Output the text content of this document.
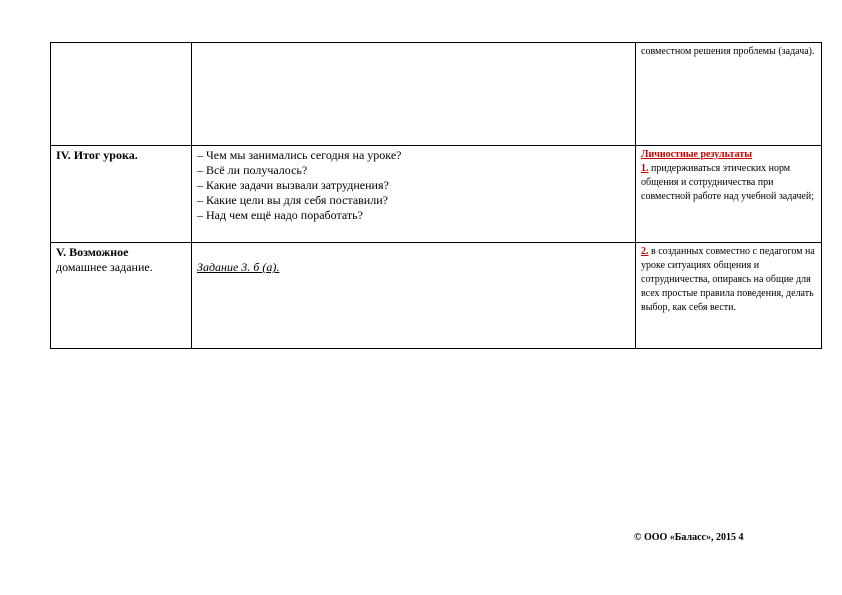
		совместном решения проблемы (задача).
IV. Итог урока.	– Чем мы занимались сегодня на уроке?
– Всё ли получалось?
– Какие задачи вызвали затруднения?
– Какие цели вы для себя поставили?
– Над чем ещё надо поработать?	Личностные результаты
1. придерживаться этических норм общения и сотрудничества при совместной работе над учебной задачей;

V. Возможное
домашнее задание.	Задание 3. б (а).	2. в созданных совместно с педагогом на уроке ситуациях общения и сотрудничества, опираясь на общие для всех простые правила поведения, делать выбор, как себя вести.
© ООО «Баласс», 2015 4
